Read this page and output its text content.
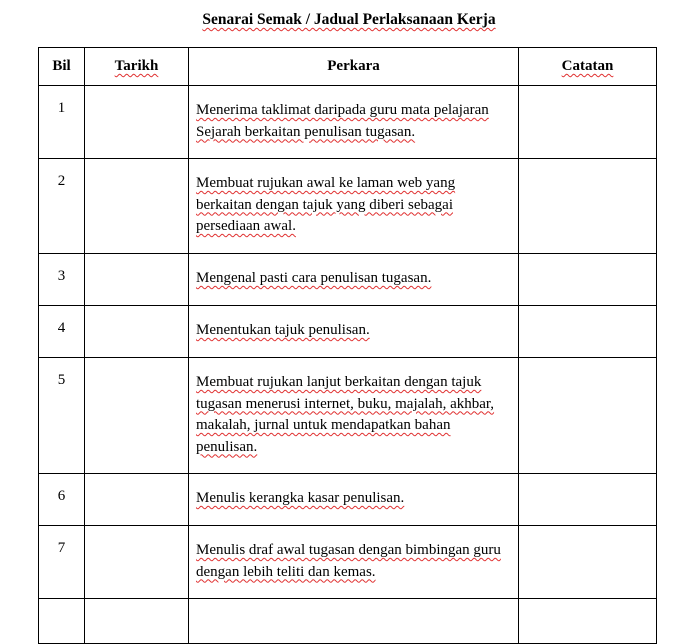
Senarai Semak / Jadual Perlaksanaan Kerja
Bil	Tarikh	Perkara	Catatan
1		Menerima taklimat daripada guru mata pelajaran Sejarah berkaitan penulisan tugasan.	
2		Membuat rujukan awal ke laman web yang berkaitan dengan tajuk yang diberi sebagai persediaan awal.	
3		Mengenal pasti cara penulisan tugasan.	
4		Menentukan tajuk penulisan.	
5		Membuat rujukan lanjut berkaitan dengan tajuk tugasan menerusi internet, buku, majalah, akhbar, makalah, jurnal untuk mendapatkan bahan penulisan.	
6		Menulis kerangka kasar penulisan.	
7		Menulis draf awal tugasan dengan bimbingan guru dengan lebih teliti dan kemas.	
